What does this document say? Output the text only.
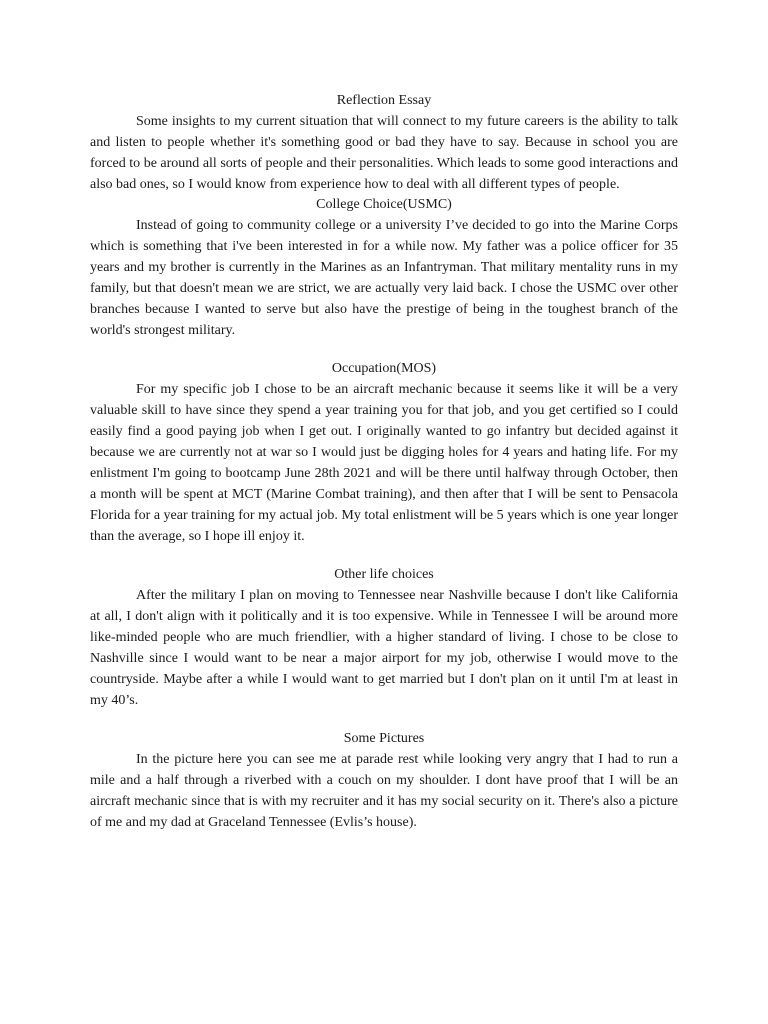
Reflection Essay

Some insights to my current situation that will connect to my future careers is the ability to talk and listen to people whether it's something good or bad they have to say. Because in school you are forced to be around all sorts of people and their personalities. Which leads to some good interactions and also bad ones, so I would know from experience how to deal with all different types of people.

College Choice(USMC)

Instead of going to community college or a university I’ve decided to go into the Marine Corps which is something that i've been interested in for a while now. My father was a police officer for 35 years and my brother is currently in the Marines as an Infantryman. That military mentality runs in my family, but that doesn't mean we are strict, we are actually very laid back. I chose the USMC over other branches because I wanted to serve but also have the prestige of being in the toughest branch of the world's strongest military.

Occupation(MOS)

For my specific job I chose to be an aircraft mechanic because it seems like it will be a very valuable skill to have since they spend a year training you for that job, and you get certified so I could easily find a good paying job when I get out. I originally wanted to go infantry but decided against it because we are currently not at war so I would just be digging holes for 4 years and hating life. For my enlistment I'm going to bootcamp June 28th 2021 and will be there until halfway through October, then a month will be spent at MCT (Marine Combat training), and then after that I will be sent to Pensacola Florida for a year training for my actual job. My total enlistment will be 5 years which is one year longer than the average, so I hope ill enjoy it.

Other life choices

After the military I plan on moving to Tennessee near Nashville because I don't like California at all, I don't align with it politically and it is too expensive. While in Tennessee I will be around more like-minded people who are much friendlier, with a higher standard of living. I chose to be close to Nashville since I would want to be near a major airport for my job, otherwise I would move to the countryside. Maybe after a while I would want to get married but I don't plan on it until I'm at least in my 40’s.

Some Pictures

In the picture here you can see me at parade rest while looking very angry that I had to run a mile and a half through a riverbed with a couch on my shoulder. I dont have proof that I will be an aircraft mechanic since that is with my recruiter and it has my social security on it. There's also a picture of me and my dad at Graceland Tennessee (Evlis’s house).
